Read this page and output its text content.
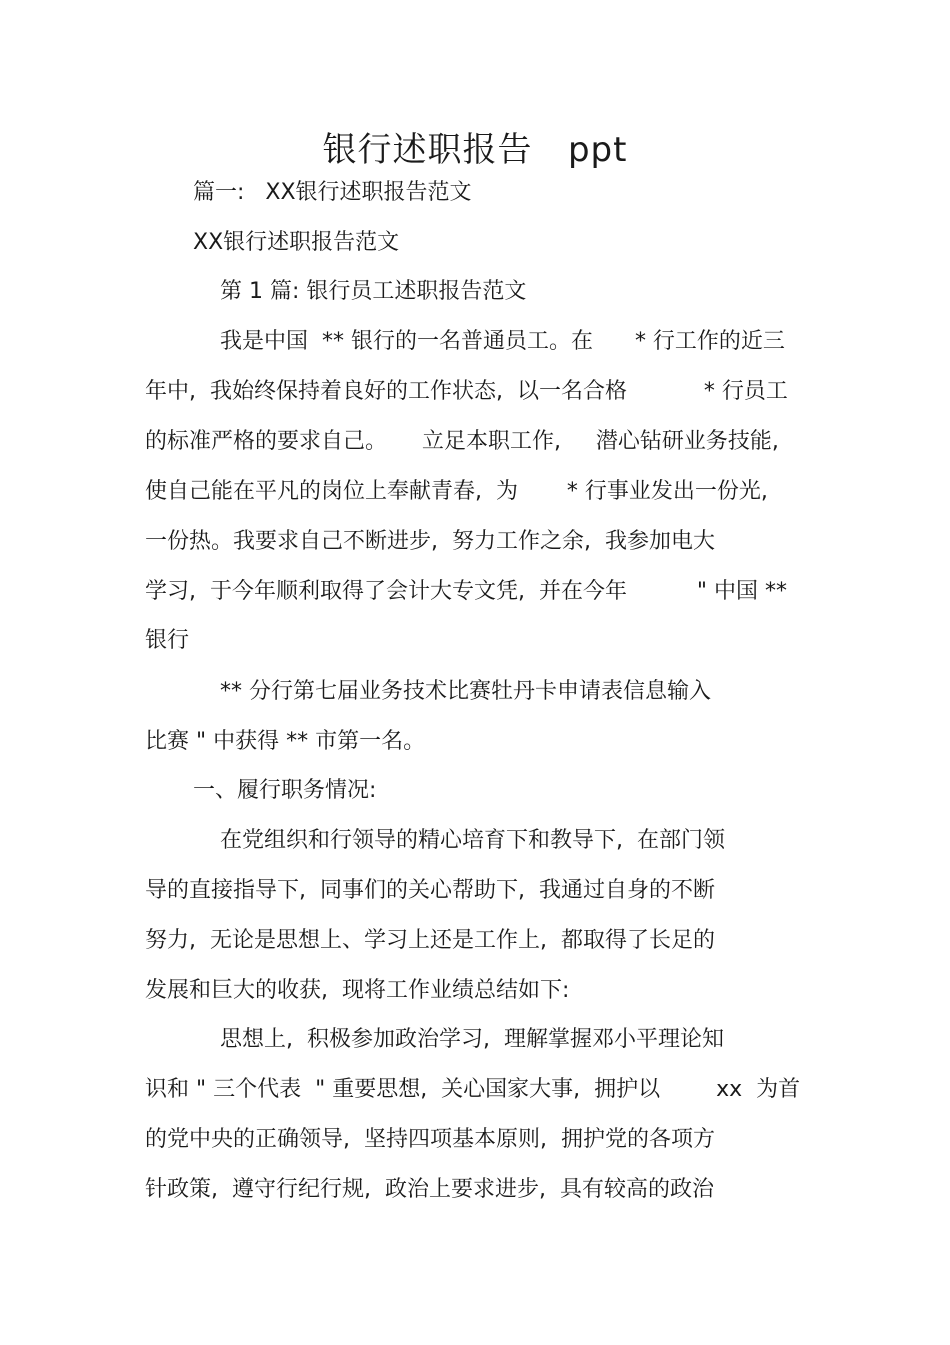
银行述职报告   ppt
篇一:   XX银行述职报告范文
XX银行述职报告范文
第 1 篇: 银行员工述职报告范文
我是中国  ** 银行的一名普通员工。在      * 行工作的近三
年中,  我始终保持着良好的工作状态,  以一名合格           * 行员工
的标准严格的要求自己。     立足本职工作,     潜心钻研业务技能,
使自己能在平凡的岗位上奉献青春,  为       * 行事业发出一份光,
一份热。我要求自己不断进步,  努力工作之余,  我参加电大
学习,  于今年顺利取得了会计大专文凭,  并在今年          " 中国 **
银行
** 分行第七届业务技术比赛牡丹卡申请表信息输入
比赛 " 中获得 ** 市第一名。
一、履行职务情况:
在党组织和行领导的精心培育下和教导下,  在部门领
导的直接指导下,  同事们的关心帮助下,  我通过自身的不断
努力,  无论是思想上、学习上还是工作上,  都取得了长足的
发展和巨大的收获,  现将工作业绩总结如下:
思想上,  积极参加政治学习,  理解掌握邓小平理论知
识和 " 三个代表  " 重要思想,  关心国家大事,  拥护以        xx  为首
的党中央的正确领导,  坚持四项基本原则,  拥护党的各项方
针政策,  遵守行纪行规,  政治上要求进步,  具有较高的政治
